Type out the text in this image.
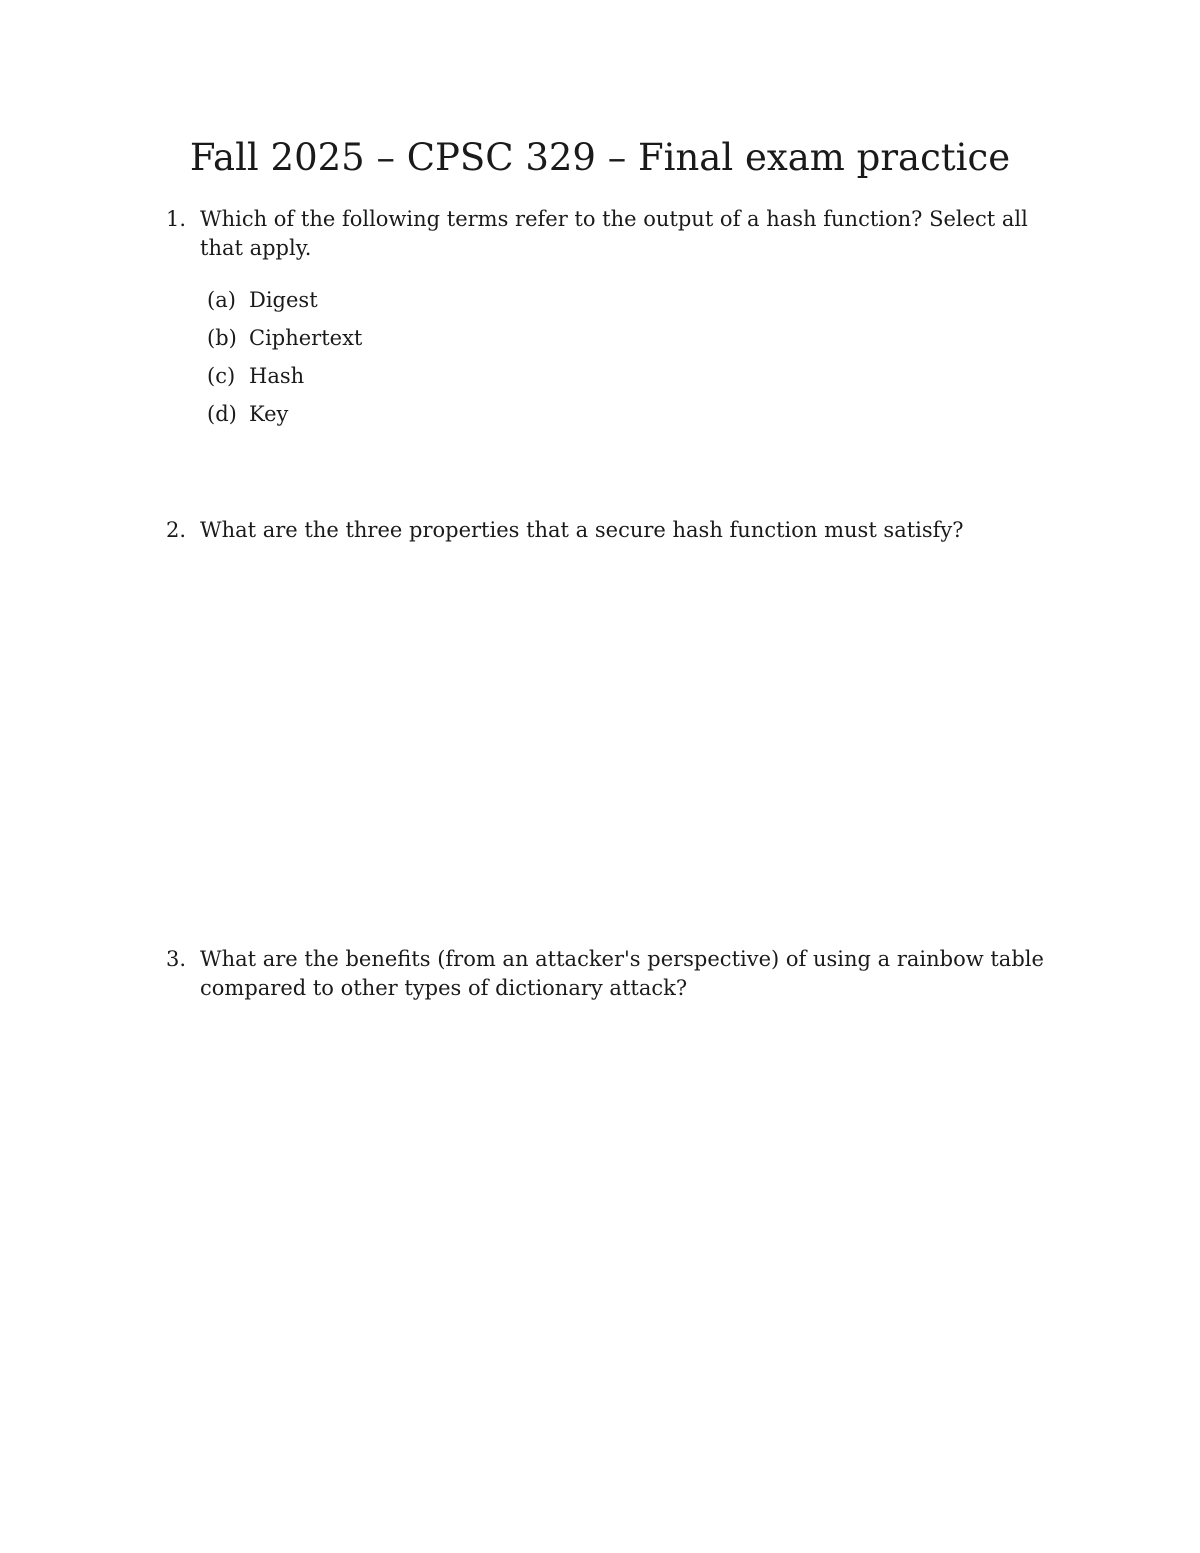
Fall 2025 – CPSC 329 – Final exam practice
1. Which of the following terms refer to the output of a hash function? Select all that apply.
(a) Digest
(b) Ciphertext
(c) Hash
(d) Key
2. What are the three properties that a secure hash function must satisfy?
3. What are the benefits (from an attacker's perspective) of using a rainbow table compared to other types of dictionary attack?
